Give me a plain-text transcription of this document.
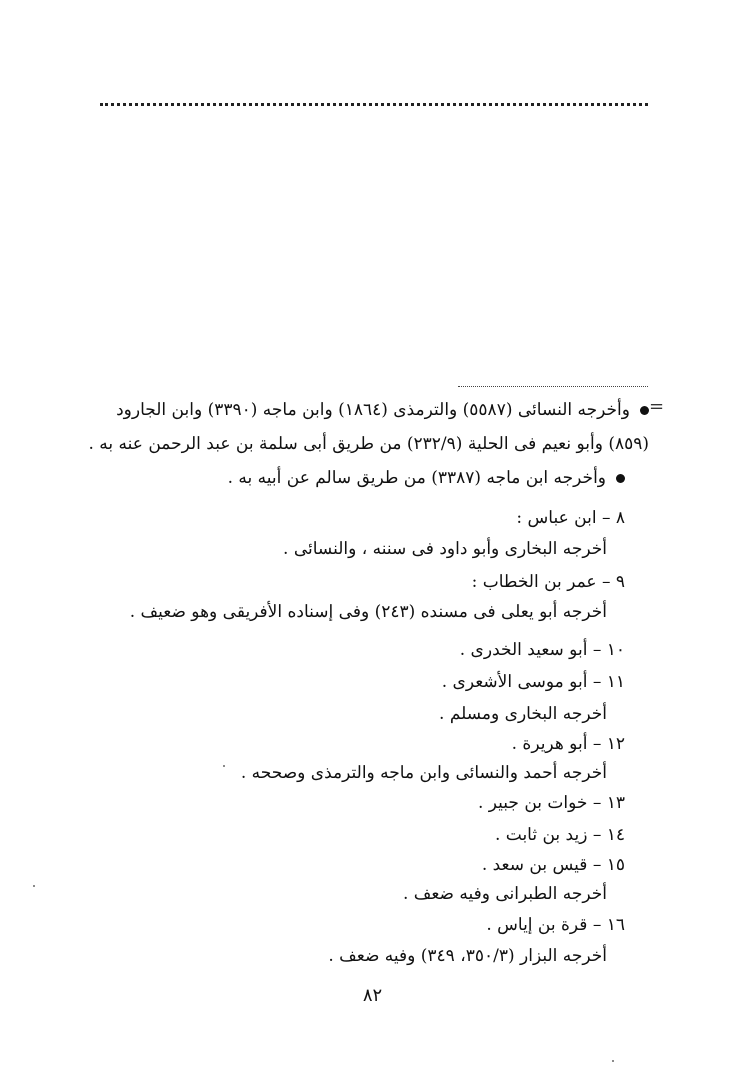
=
وأخرجه النسائى (٥٥٨٧) والترمذى (١٨٦٤) وابن ماجه (٣٣٩٠) وابن الجارود
(٨٥٩) وأبو نعيم فى الحلية (٢٣٢/٩) من طريق أبى سلمة بن عبد الرحمن عنه به .
وأخرجه ابن ماجه (٣٣٨٧) من طريق سالم عن أبيه به .
٨ – ابن عباس :
أخرجه البخارى وأبو داود فى سننه ، والنسائى .
٩ – عمر بن الخطاب :
أخرجه أبو يعلى فى مسنده (٢٤٣) وفى إسناده الأفريقى وهو ضعيف .
١٠ – أبو سعيد الخدرى .
١١ – أبو موسى الأشعرى .
أخرجه البخارى ومسلم .
١٢ – أبو هريرة .
أخرجه أحمد والنسائى وابن ماجه والترمذى وصححه .
١٣ – خوات بن جبير .
١٤ – زيد بن ثابت .
١٥ – قيس بن سعد .
أخرجه الطبرانى وفيه ضعف .
١٦ – قرة بن إياس .
أخرجه البزار (٣٥٠/٣، ٣٤٩) وفيه ضعف .
٨٢
